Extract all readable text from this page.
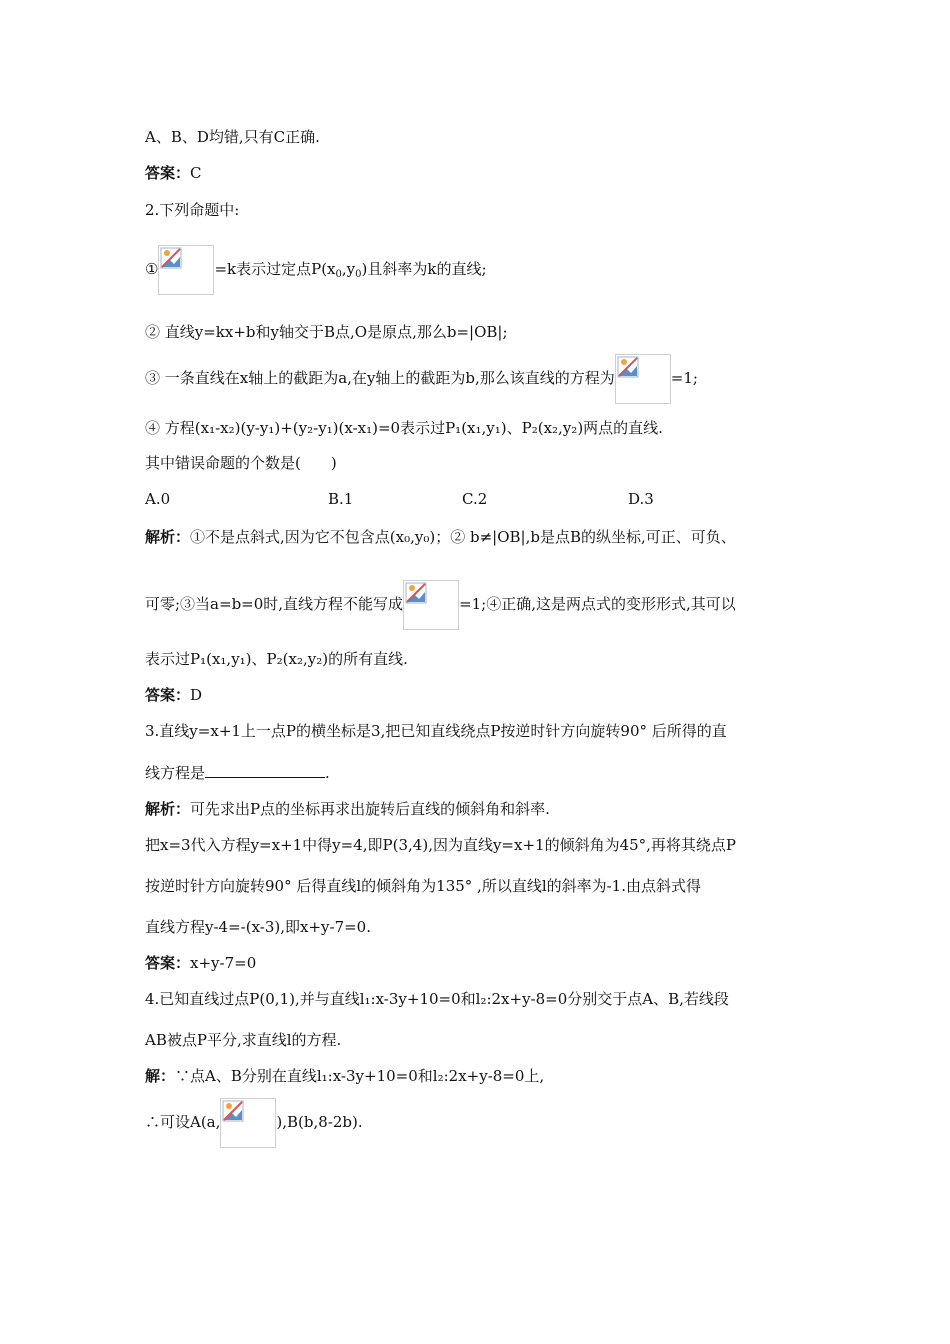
A、B、D均错,只有C正确.
答案：C
2.下列命题中:
①	=k表示过定点$P(x_0,y_0)$且斜率为k的直线;
② 直线y=kx+b和y轴交于B点,O是原点,那么b=|OB|;
③ 一条直线在x轴上的截距为a,在y轴上的截距为b,那么该直线的方程为	=1;
④ 方程(x₁-x₂)(y-y₁)+(y₂-y₁)(x-x₁)=0表示过P₁(x₁,y₁)、P₂(x₂,y₂)两点的直线.
其中错误命题的个数是(　　)
A.0	B.1	C.2	D.3
解析：①不是点斜式,因为它不包含点(x₀,y₀)；② b≠|OB|,b是点B的纵坐标,可正、可负、
可零;③当a=b=0时,直线方程不能写成	=1;④正确,这是两点式的变形形式,其可以
表示过P₁(x₁,y₁)、P₂(x₂,y₂)的所有直线.
答案：D
3.直线y=x+1上一点P的横坐标是3,把已知直线绕点P按逆时针方向旋转90° 后所得的直
线方程是	.
解析：可先求出P点的坐标再求出旋转后直线的倾斜角和斜率.
把x=3代入方程y=x+1中得y=4,即P(3,4),因为直线y=x+1的倾斜角为45°,再将其绕点P
按逆时针方向旋转90° 后得直线l的倾斜角为135° ,所以直线l的斜率为-1.由点斜式得
直线方程y-4=-(x-3),即x+y-7=0.
答案：x+y-7=0
4.已知直线过点P(0,1),并与直线l₁:x-3y+10=0和l₂:2x+y-8=0分别交于点A、B,若线段
AB被点P平分,求直线l的方程.
解：∵点A、B分别在直线l₁:x-3y+10=0和l₂:2x+y-8=0上,
∴可设A(a,	),B(b,8-2b).
